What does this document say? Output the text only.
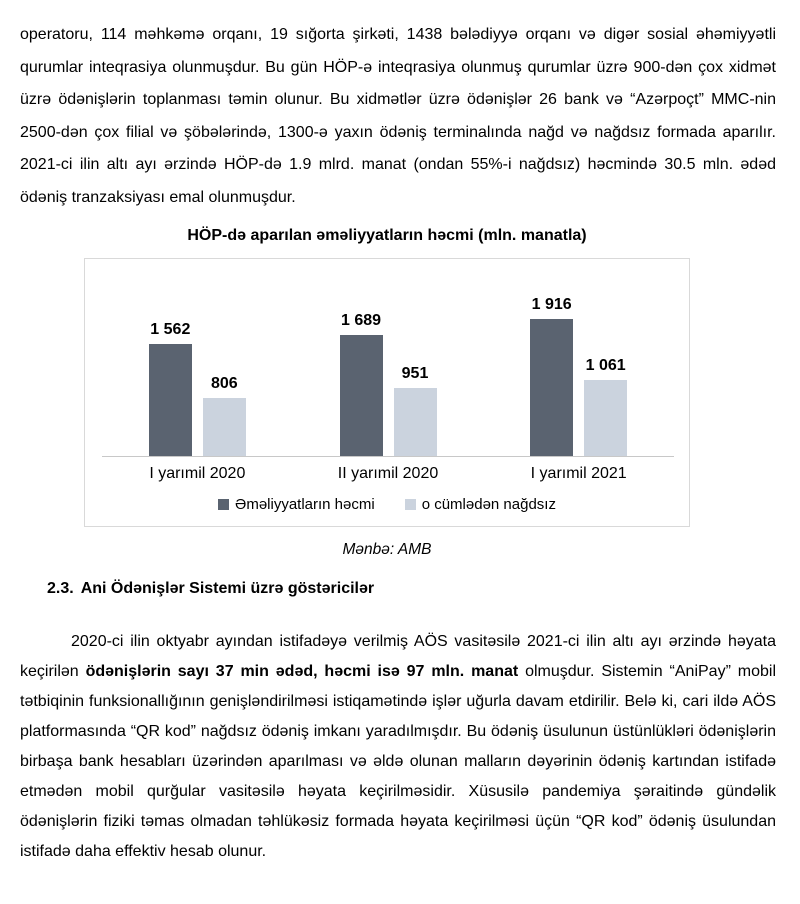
operatoru, 114 məhkəmə orqanı, 19 sığorta şirkəti, 1438 bələdiyyə orqanı və digər sosial əhəmiyyətli qurumlar inteqrasiya olunmuşdur. Bu gün HÖP-ə inteqrasiya olunmuş qurumlar üzrə 900-dən çox xidmət üzrə ödənişlərin toplanması təmin olunur. Bu xidmətlər üzrə ödənişlər 26 bank və “Azərpoçt” MMC-nin 2500-dən çox filial və şöbələrində, 1300-ə yaxın ödəniş terminalında nağd və nağdsız formada aparılır. 2021-ci ilin altı ayı ərzində HÖP-də 1.9 mlrd. manat (ondan 55%-i nağdsız) həcmində 30.5 mln. ədəd ödəniş tranzaksiyası emal olunmuşdur.

HÖP-də aparılan əməliyyatların həcmi (mln. manatla)
1 562
806
1 689
951
1 916
1 061
I yarımil 2020	II yarımil 2020	I yarımil 2021
Əməliyyatların həcmi	o cümlədən nağdsız
Mənbə: AMB
2.3. Ani Ödənişlər Sistemi üzrə göstəricilər

2020-ci ilin oktyabr ayından istifadəyə verilmiş AÖS vasitəsilə 2021-ci ilin altı ayı ərzində həyata keçirilən ödənişlərin sayı 37 min ədəd, həcmi isə 97 mln. manat olmuşdur. Sistemin “AniPay” mobil tətbiqinin funksionallığının genişləndirilməsi istiqamətində işlər uğurla davam etdirilir. Belə ki, cari ildə AÖS platformasında “QR kod” nağdsız ödəniş imkanı yaradılmışdır. Bu ödəniş üsulunun üstünlükləri ödənişlərin birbaşa bank hesabları üzərindən aparılması və əldə olunan malların dəyərinin ödəniş kartından istifadə etmədən mobil qurğular vasitəsilə həyata keçirilməsidir. Xüsusilə pandemiya şəraitində gündəlik ödənişlərin fiziki təmas olmadan təhlükəsiz formada həyata keçirilməsi üçün “QR kod” ödəniş üsulundan istifadə daha effektiv hesab olunur.
